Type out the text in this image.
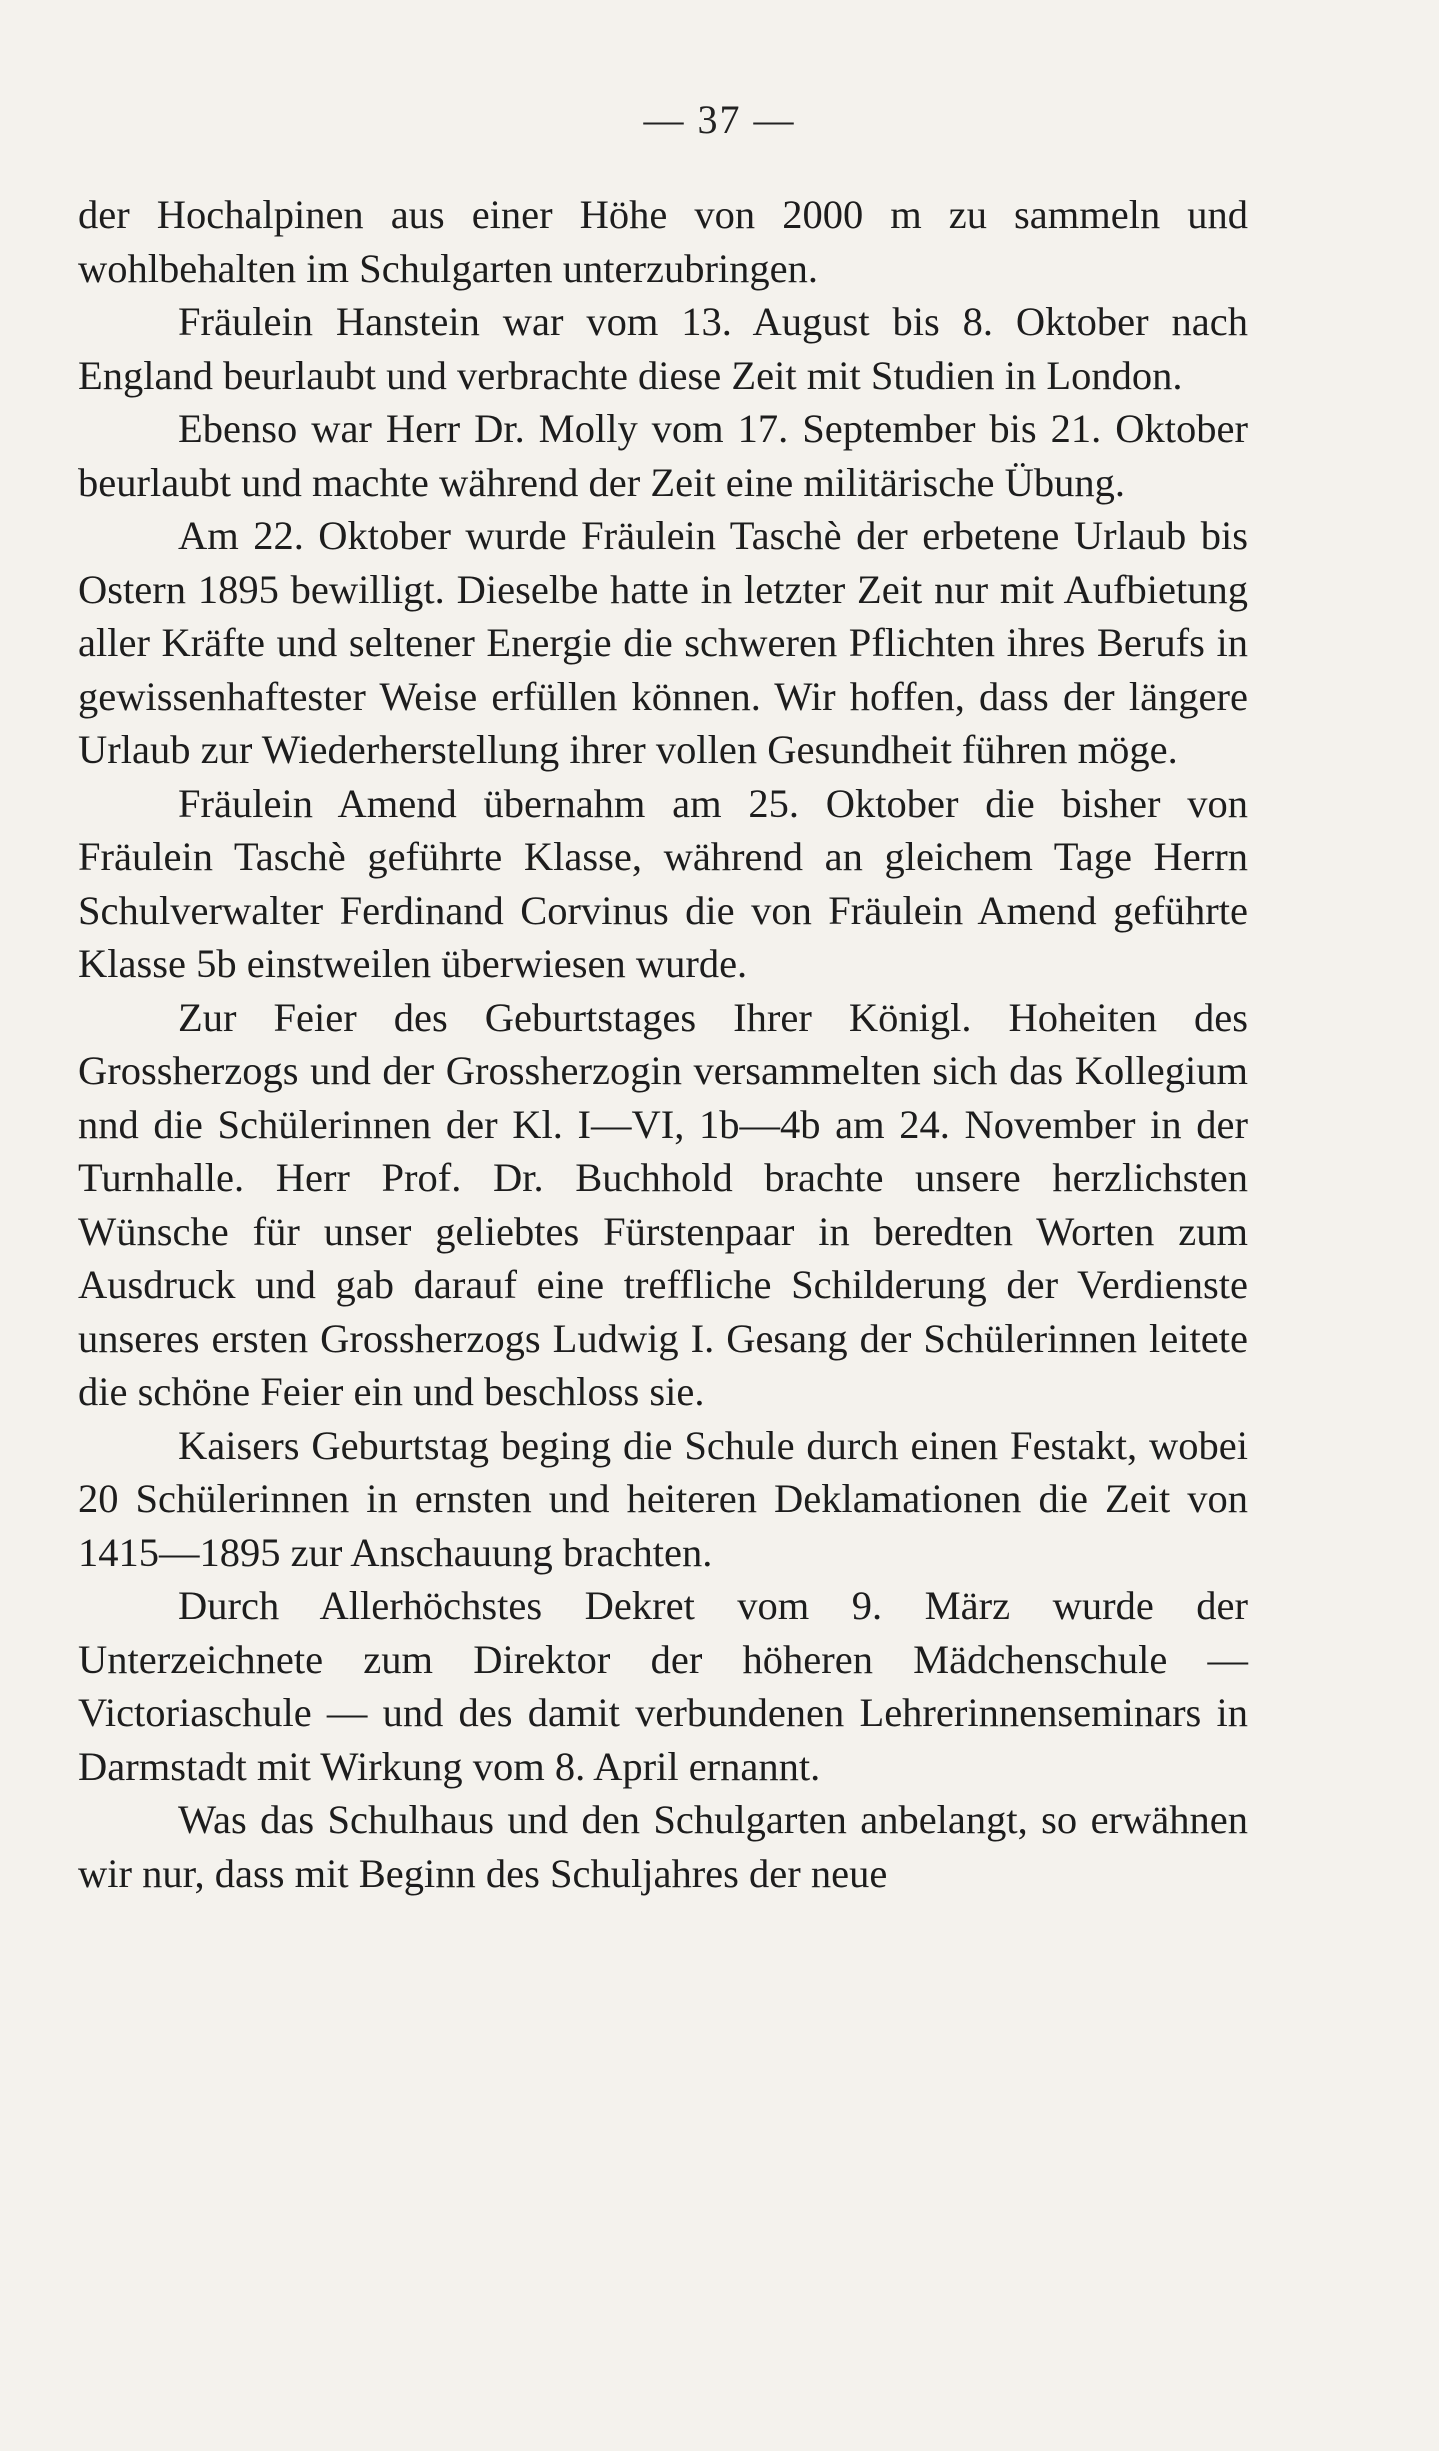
— 37 —

der Hochalpinen aus einer Höhe von 2000 m zu sammeln und wohlbehalten im Schulgarten unterzubringen.

Fräulein Hanstein war vom 13. August bis 8. Oktober nach England beurlaubt und verbrachte diese Zeit mit Studien in London.

Ebenso war Herr Dr. Molly vom 17. September bis 21. Oktober beurlaubt und machte während der Zeit eine militärische Übung.

Am 22. Oktober wurde Fräulein Taschè der erbetene Urlaub bis Ostern 1895 bewilligt. Dieselbe hatte in letzter Zeit nur mit Aufbietung aller Kräfte und seltener Energie die schweren Pflichten ihres Berufs in gewissenhaftester Weise erfüllen können. Wir hoffen, dass der längere Urlaub zur Wiederherstellung ihrer vollen Gesundheit führen möge.

Fräulein Amend übernahm am 25. Oktober die bisher von Fräulein Taschè geführte Klasse, während an gleichem Tage Herrn Schulverwalter Ferdinand Corvinus die von Fräulein Amend geführte Klasse 5b einstweilen überwiesen wurde.

Zur Feier des Geburtstages Ihrer Königl. Hoheiten des Grossherzogs und der Grossherzogin versammelten sich das Kollegium nnd die Schülerinnen der Kl. I—VI, 1b—4b am 24. November in der Turnhalle. Herr Prof. Dr. Buchhold brachte unsere herzlichsten Wünsche für unser geliebtes Fürstenpaar in beredten Worten zum Ausdruck und gab darauf eine treffliche Schilderung der Verdienste unseres ersten Grossherzogs Ludwig I. Gesang der Schülerinnen leitete die schöne Feier ein und beschloss sie.

Kaisers Geburtstag beging die Schule durch einen Festakt, wobei 20 Schülerinnen in ernsten und heiteren Deklamationen die Zeit von 1415—1895 zur Anschauung brachten.

Durch Allerhöchstes Dekret vom 9. März wurde der Unterzeichnete zum Direktor der höheren Mädchenschule — Victoriaschule — und des damit verbundenen Lehrerinnenseminars in Darmstadt mit Wirkung vom 8. April ernannt.

Was das Schulhaus und den Schulgarten anbelangt, so erwähnen wir nur, dass mit Beginn des Schuljahres der neue
